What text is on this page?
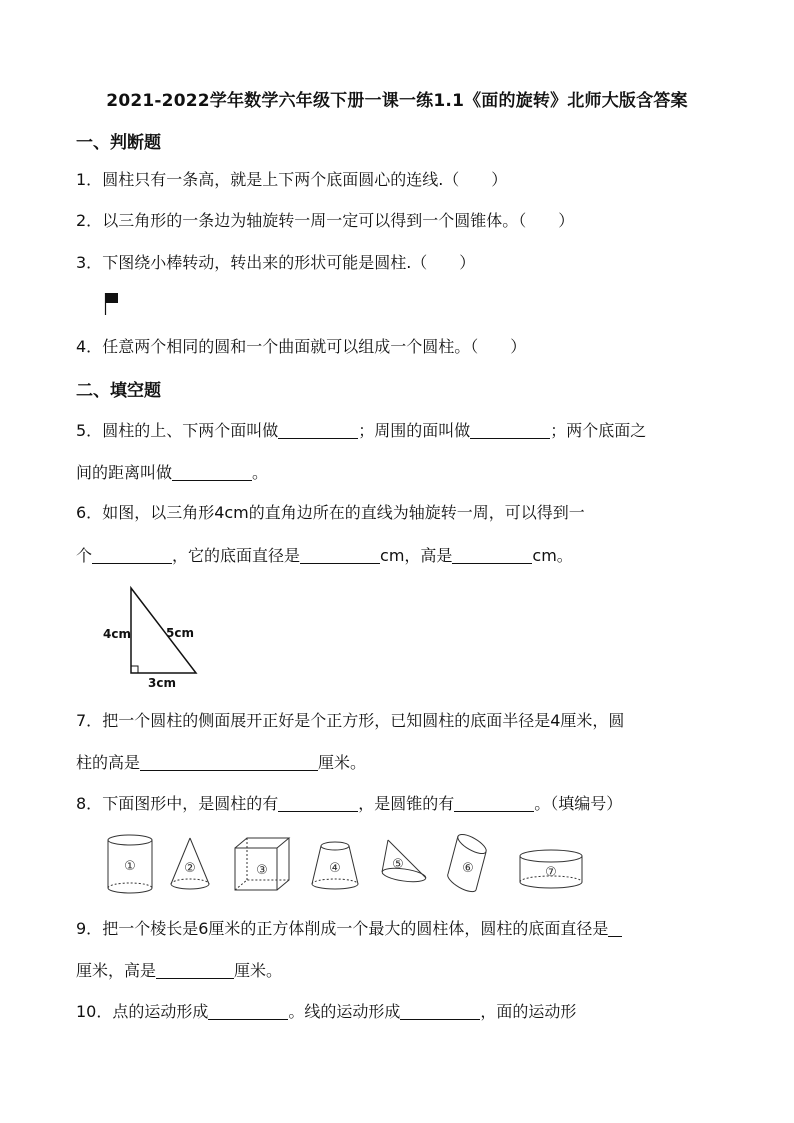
2021-2022学年数学六年级下册一课一练1.1《面的旋转》北师大版含答案
一、判断题
1．圆柱只有一条高，就是上下两个底面圆心的连线.（　　）
2．以三角形的一条边为轴旋转一周一定可以得到一个圆锥体。（　　）
3．下图绕小棒转动，转出来的形状可能是圆柱.（　　）
4．任意两个相同的圆和一个曲面就可以组成一个圆柱。（　　）
二、填空题
5．圆柱的上、下两个面叫做	；周围的面叫做	；两个底面之
间的距离叫做	。
6．如图，以三角形4cm的直角边所在的直线为轴旋转一周，可以得到一
个	，它的底面直径是	cm，高是	cm。
4cm	5cm
3cm
7．把一个圆柱的侧面展开正好是个正方形，已知圆柱的底面半径是4厘米，圆
柱的高是	厘米。
8．下面图形中，是圆柱的有	，是圆锥的有	。（填编号）
①	②	③	④	⑤	⑥	⑦
9．把一个棱长是6厘米的正方体削成一个最大的圆柱体，圆柱的底面直径是
厘米，高是	厘米。
10．点的运动形成	。线的运动形成	，面的运动形
